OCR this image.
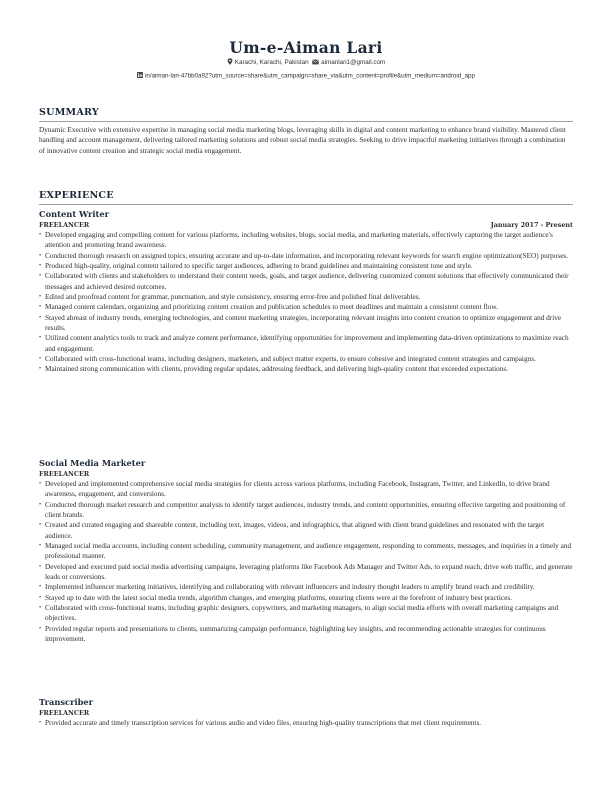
Um-e-Aiman Lari
Karachi, Karachi, Pakistan aimanlari1@gmail.com
in/aiman-lari-47bb0a92?utm_source=share&utm_campaign=share_via&utm_content=profile&utm_medium=android_app
SUMMARY
Dynamic Executive with extensive expertise in managing social media marketing blogs, leveraging skills in digital and content marketing to enhance brand visibility. Mastered client handling and account management, delivering tailored marketing solutions and robust social media strategies. Seeking to drive impactful marketing initiatives through a combination of innovative content creation and strategic social media engagement.
EXPERIENCE
Content Writer
FREELANCER	January 2017 - Present
• Developed engaging and compelling content for various platforms, including websites, blogs, social media, and marketing materials, effectively capturing the target audience's attention and promoting brand awareness.
• Conducted thorough research on assigned topics, ensuring accurate and up-to-date information, and incorporating relevant keywords for search engine optimization(SEO) purposes.
• Produced high-quality, original content tailored to specific target audiences, adhering to brand guidelines and maintaining consistent tone and style.
• Collaborated with clients and stakeholders to understand their content needs, goals, and target audience, delivering customized content solutions that effectively communicated their messages and achieved desired outcomes.
• Edited and proofread content for grammar, punctuation, and style consistency, ensuring error-free and polished final deliverables.
• Managed content calendars, organizing and prioritizing content creation and publication schedules to meet deadlines and maintain a consistent content flow.
• Stayed abreast of industry trends, emerging technologies, and content marketing strategies, incorporating relevant insights into content creation to optimize engagement and drive results.
• Utilized content analytics tools to track and analyze content performance, identifying opportunities for improvement and implementing data-driven optimizations to maximize reach and engagement.
• Collaborated with cross-functional teams, including designers, marketers, and subject matter experts, to ensure cohesive and integrated content strategies and campaigns.
• Maintained strong communication with clients, providing regular updates, addressing feedback, and delivering high-quality content that exceeded expectations.
Social Media Marketer
FREELANCER
• Developed and implemented comprehensive social media strategies for clients across various platforms, including Facebook, Instagram, Twitter, and LinkedIn, to drive brand awareness, engagement, and conversions.
• Conducted thorough market research and competitor analysis to identify target audiences, industry trends, and content opportunities, ensuring effective targeting and positioning of client brands.
• Created and curated engaging and shareable content, including text, images, videos, and infographics, that aligned with client brand guidelines and resonated with the target audience.
• Managed social media accounts, including content scheduling, community management, and audience engagement, responding to comments, messages, and inquiries in a timely and professional manner.
• Developed and executed paid social media advertising campaigns, leveraging platforms like Facebook Ads Manager and Twitter Ads, to expand reach, drive web traffic, and generate leads or conversions.
• Implemented influencer marketing initiatives, identifying and collaborating with relevant influencers and industry thought leaders to amplify brand reach and credibility.
• Stayed up to date with the latest social media trends, algorithm changes, and emerging platforms, ensuring clients were at the forefront of industry best practices.
• Collaborated with cross-functional teams, including graphic designers, copywriters, and marketing managers, to align social media efforts with overall marketing campaigns and objectives.
• Provided regular reports and presentations to clients, summarizing campaign performance, highlighting key insights, and recommending actionable strategies for continuous improvement.
Transcriber
FREELANCER
• Provided accurate and timely transcription services for various audio and video files, ensuring high-quality transcriptions that met client requirements.
